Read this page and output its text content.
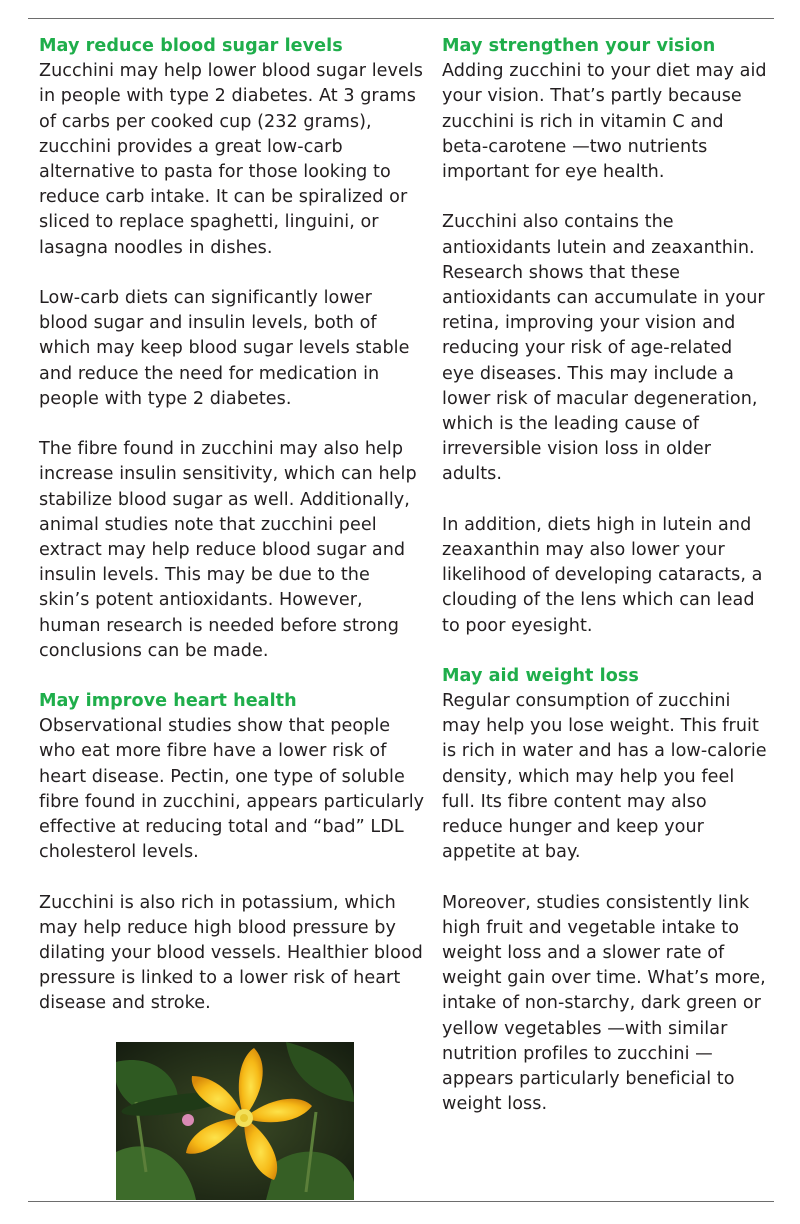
May reduce blood sugar levels

Zucchini may help lower blood sugar levels in people with type 2 diabetes. At 3 grams of carbs per cooked cup (232 grams), zucchini provides a great low-carb alternative to pasta for those looking to reduce carb intake. It can be spiralized or sliced to replace spaghetti, linguini, or lasagna noodles in dishes.

Low-carb diets can significantly lower blood sugar and insulin levels, both of which may keep blood sugar levels stable and reduce the need for medication in people with type 2 diabetes.

The fibre found in zucchini may also help increase insulin sensitivity, which can help stabilize blood sugar as well. Additionally, animal studies note that zucchini peel extract may help reduce blood sugar and insulin levels. This may be due to the skin’s potent antioxidants. However, human research is needed before strong conclusions can be made.

May improve heart health

Observational studies show that people who eat more fibre have a lower risk of heart disease. Pectin, one type of soluble fibre found in zucchini, appears particularly effective at reducing total and “bad” LDL cholesterol levels.

Zucchini is also rich in potassium, which may help reduce high blood pressure by dilating your blood vessels. Healthier blood pressure is linked to a lower risk of heart disease and stroke.

May strengthen your vision

Adding zucchini to your diet may aid your vision. That’s partly because zucchini is rich in vitamin C and beta-carotene —two nutrients important for eye health.

Zucchini also contains the antioxidants lutein and zeaxanthin. Research shows that these antioxidants can accumulate in your retina, improving your vision and reducing your risk of age-related eye diseases. This may include a lower risk of macular degeneration, which is the leading cause of irreversible vision loss in older adults.

In addition, diets high in lutein and zeaxanthin may also lower your likelihood of developing cataracts, a clouding of the lens which can lead to poor eyesight.

May aid weight loss

Regular consumption of zucchini may help you lose weight. This fruit is rich in water and has a low-calorie density, which may help you feel full. Its fibre content may also reduce hunger and keep your appetite at bay.

Moreover, studies consistently link high fruit and vegetable intake to weight loss and a slower rate of weight gain over time. What’s more, intake of non-starchy, dark green or yellow vegetables —with similar nutrition profiles to zucchini — appears particularly beneficial to weight loss.
